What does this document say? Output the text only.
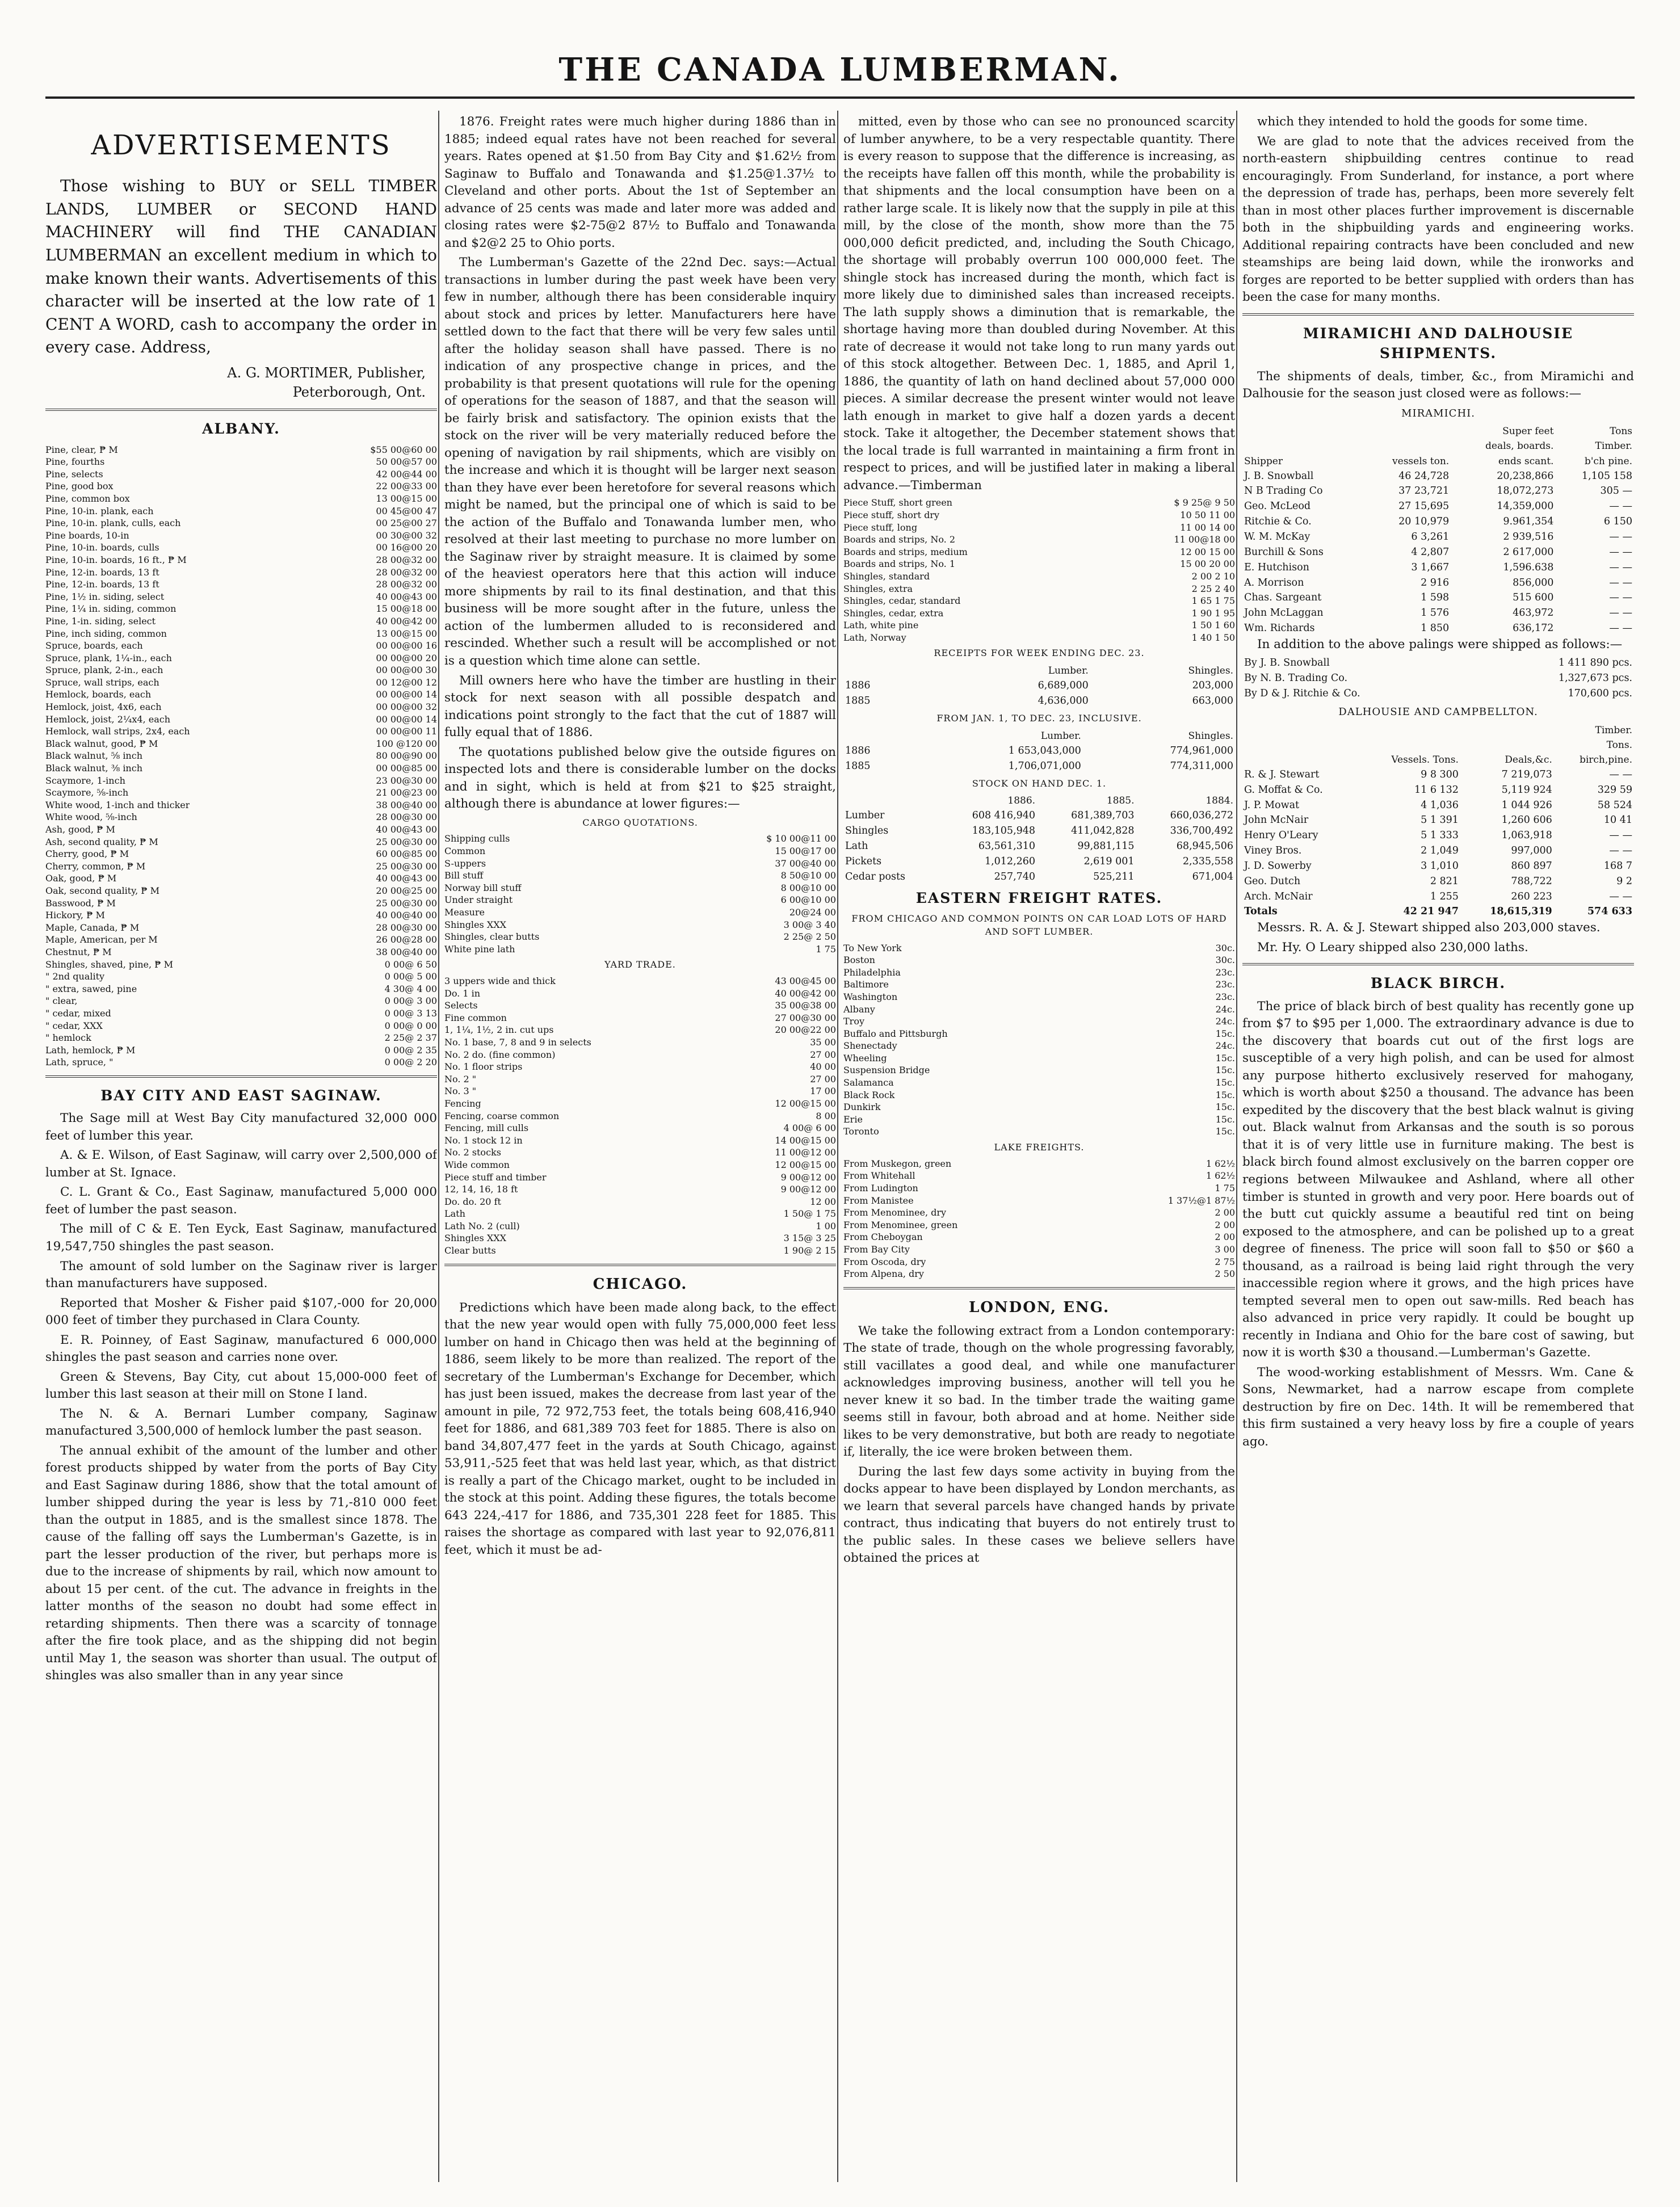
THE CANADA LUMBERMAN.
ADVERTISEMENTS

Those wishing to BUY or SELL TIMBER LANDS, LUMBER or SECOND HAND MACHINERY will find THE CANADIAN LUMBERMAN an excellent medium in which to make known their wants. Advertisements of this character will be inserted at the low rate of 1 CENT A WORD, cash to accompany the order in every case. Address,

A. G. MORTIMER, Publisher,
Peterborough, Ont.
ALBANY.
Pine, clear, ₱ M	$55 00@60 00
Pine, fourths	50 00@57 00
Pine, selects	42 00@44 00
Pine, good box	22 00@33 00
Pine, common box	13 00@15 00
Pine, 10-in. plank, each	00 45@00 47
Pine, 10-in. plank, culls, each	00 25@00 27
Pine boards, 10-in	00 30@00 32
Pine, 10-in. boards, culls	00 16@00 20
Pine, 10-in. boards, 16 ft., ₱ M	28 00@32 00
Pine, 12-in. boards, 13 ft	28 00@32 00
Pine, 12-in. boards, 13 ft	28 00@32 00
Pine, 1½ in. siding, select	40 00@43 00
Pine, 1¼ in. siding, common	15 00@18 00
Pine, 1-in. siding, select	40 00@42 00
Pine, inch siding, common	13 00@15 00
Spruce, boards, each	00 00@00 16
Spruce, plank, 1¼-in., each	00 00@00 20
Spruce, plank, 2-in., each	00 00@00 30
Spruce, wall strips, each	00 12@00 12
Hemlock, boards, each	00 00@00 14
Hemlock, joist, 4x6, each	00 00@00 32
Hemlock, joist, 2¼x4, each	00 00@00 14
Hemlock, wall strips, 2x4, each	00 00@00 11
Black walnut, good, ₱ M	100 @120 00
Black walnut, ⅝ inch	80 00@90 00
Black walnut, ⅜ inch	00 00@85 00
Scaymore, 1-inch	23 00@30 00
Scaymore, ⅝-inch	21 00@23 00
White wood, 1-inch and thicker	38 00@40 00
White wood, ⅝-inch	28 00@30 00
Ash, good, ₱ M	40 00@43 00
Ash, second quality, ₱ M	25 00@30 00
Cherry, good, ₱ M	60 00@85 00
Cherry, common, ₱ M	25 00@30 00
Oak, good, ₱ M	40 00@43 00
Oak, second quality, ₱ M	20 00@25 00
Basswood, ₱ M	25 00@30 00
Hickory, ₱ M	40 00@40 00
Maple, Canada, ₱ M	28 00@30 00
Maple, American, per M	26 00@28 00
Chestnut, ₱ M	38 00@40 00
Shingles, shaved, pine, ₱ M	0 00@ 6 50
" 2nd quality	0 00@ 5 00
" extra, sawed, pine	4 30@ 4 00
" clear,	0 00@ 3 00
" cedar, mixed	0 00@ 3 13
" cedar, XXX	0 00@ 0 00
" hemlock	2 25@ 2 37
Lath, hemlock, ₱ M	0 00@ 2 35
Lath, spruce, "	0 00@ 2 20
BAY CITY AND EAST SAGINAW.

The Sage mill at West Bay City manufactured 32,000 000 feet of lumber this year.

A. & E. Wilson, of East Saginaw, will carry over 2,500,000 of lumber at St. Ignace.

C. L. Grant & Co., East Saginaw, manufactured 5,000 000 feet of lumber the past season.

The mill of C & E. Ten Eyck, East Saginaw, manufactured 19,547,750 shingles the past season.

The amount of sold lumber on the Saginaw river is larger than manufacturers have supposed.

Reported that Mosher & Fisher paid $107,-000 for 20,000 000 feet of timber they purchased in Clara County.

E. R. Poinney, of East Saginaw, manufactured 6 000,000 shingles the past season and carries none over.

Green & Stevens, Bay City, cut about 15,000-000 feet of lumber this last season at their mill on Stone I land.

The N. & A. Bernari Lumber company, Saginaw manufactured 3,500,000 of hemlock lumber the past season.

The annual exhibit of the amount of the lumber and other forest products shipped by water from the ports of Bay City and East Saginaw during 1886, show that the total amount of lumber shipped during the year is less by 71,-810 000 feet than the output in 1885, and is the smallest since 1878. The cause of the falling off says the Lumberman's Gazette, is in part the lesser production of the river, but perhaps more is due to the increase of shipments by rail, which now amount to about 15 per cent. of the cut. The advance in freights in the latter months of the season no doubt had some effect in retarding shipments. Then there was a scarcity of tonnage after the fire took place, and as the shipping did not begin until May 1, the season was shorter than usual. The output of shingles was also smaller than in any year since

1876. Freight rates were much higher during 1886 than in 1885; indeed equal rates have not been reached for several years. Rates opened at $1.50 from Bay City and $1.62½ from Saginaw to Buffalo and Tonawanda and $1.25@1.37½ to Cleveland and other ports. About the 1st of September an advance of 25 cents was made and later more was added and closing rates were $2-75@2 87½ to Buffalo and Tonawanda and $2@2 25 to Ohio ports.

The Lumberman's Gazette of the 22nd Dec. says:—Actual transactions in lumber during the past week have been very few in number, although there has been considerable inquiry about stock and prices by letter. Manufacturers here have settled down to the fact that there will be very few sales until after the holiday season shall have passed. There is no indication of any prospective change in prices, and the probability is that present quotations will rule for the opening of operations for the season of 1887, and that the season will be fairly brisk and satisfactory. The opinion exists that the stock on the river will be very materially reduced before the opening of navigation by rail shipments, which are visibly on the increase and which it is thought will be larger next season than they have ever been heretofore for several reasons which might be named, but the principal one of which is said to be the action of the Buffalo and Tonawanda lumber men, who resolved at their last meeting to purchase no more lumber on the Saginaw river by straight measure. It is claimed by some of the heaviest operators here that this action will induce more shipments by rail to its final destination, and that this business will be more sought after in the future, unless the action of the lumbermen alluded to is reconsidered and rescinded. Whether such a result will be accomplished or not is a question which time alone can settle.

Mill owners here who have the timber are hustling in their stock for next season with all possible despatch and indications point strongly to the fact that the cut of 1887 will fully equal that of 1886.

The quotations published below give the outside figures on inspected lots and there is considerable lumber on the docks and in sight, which is held at from $21 to $25 straight, although there is abundance at lower figures:—

CARGO QUOTATIONS.
Shipping culls	$ 10 00@11 00
Common	15 00@17 00
S-uppers	37 00@40 00
Bill stuff	8 50@10 00
Norway bill stuff	8 00@10 00
Under straight	6 00@10 00
Measure	20@24 00
Shingles XXX	3 00@ 3 40
Shingles, clear butts	2 25@ 2 50
White pine lath	1 75
YARD TRADE.
3 uppers wide and thick	43 00@45 00
Do. 1 in	40 00@42 00
Selects	35 00@38 00
Fine common	27 00@30 00
1, 1¼, 1½, 2 in. cut ups	20 00@22 00
No. 1 base, 7, 8 and 9 in selects	35 00
No. 2 do. (fine common)	27 00
No. 1 floor strips	40 00
No. 2 "	27 00
No. 3 "	17 00
Fencing	12 00@15 00
Fencing, coarse common	8 00
Fencing, mill culls	4 00@ 6 00
No. 1 stock 12 in	14 00@15 00
No. 2 stocks	11 00@12 00
Wide common	12 00@15 00
Piece stuff and timber	9 00@12 00
12, 14, 16, 18 ft	9 00@12 00
Do. do. 20 ft	12 00
Lath	1 50@ 1 75
Lath No. 2 (cull)	1 00
Shingles XXX	3 15@ 3 25
Clear butts	1 90@ 2 15
CHICAGO.

Predictions which have been made along back, to the effect that the new year would open with fully 75,000,000 feet less lumber on hand in Chicago then was held at the beginning of 1886, seem likely to be more than realized. The report of the secretary of the Lumberman's Exchange for December, which has just been issued, makes the decrease from last year of the amount in pile, 72 972,753 feet, the totals being 608,416,940 feet for 1886, and 681,389 703 feet for 1885. There is also on band 34,807,477 feet in the yards at South Chicago, against 53,911,-525 feet that was held last year, which, as that district is really a part of the Chicago market, ought to be included in the stock at this point. Adding these figures, the totals become 643 224,-417 for 1886, and 735,301 228 feet for 1885. This raises the shortage as compared with last year to 92,076,811 feet, which it must be ad-

mitted, even by those who can see no pronounced scarcity of lumber anywhere, to be a very respectable quantity. There is every reason to suppose that the difference is increasing, as the receipts have fallen off this month, while the probability is that shipments and the local consumption have been on a rather large scale. It is likely now that the supply in pile at this mill, by the close of the month, show more than the 75 000,000 deficit predicted, and, including the South Chicago, the shortage will probably overrun 100 000,000 feet. The shingle stock has increased during the month, which fact is more likely due to diminished sales than increased receipts. The lath supply shows a diminution that is remarkable, the shortage having more than doubled during November. At this rate of decrease it would not take long to run many yards out of this stock altogether. Between Dec. 1, 1885, and April 1, 1886, the quantity of lath on hand declined about 57,000 000 pieces. A similar decrease the present winter would not leave lath enough in market to give half a dozen yards a decent stock. Take it altogether, the December statement shows that the local trade is full warranted in maintaining a firm front in respect to prices, and will be justified later in making a liberal advance.—Timberman

Piece Stuff, short green	$ 9 25@ 9 50
Piece stuff, short dry	10 50 11 00
Piece stuff, long	11 00 14 00
Boards and strips, No. 2	11 00@18 00
Boards and strips, medium	12 00 15 00
Boards and strips, No. 1	15 00 20 00
Shingles, standard	2 00 2 10
Shingles, extra	2 25 2 40
Shingles, cedar, standard	1 65 1 75
Shingles, cedar, extra	1 90 1 95
Lath, white pine	1 50 1 60
Lath, Norway	1 40 1 50
RECEIPTS FOR WEEK ENDING DEC. 23.
	Lumber.	Shingles.
1886	6,689,000	203,000
1885	4,636,000	663,000
FROM JAN. 1, TO DEC. 23, INCLUSIVE.
	Lumber.	Shingles.
1886	1 653,043,000	774,961,000
1885	1,706,071,000	774,311,000
STOCK ON HAND DEC. 1.
	1886.	1885.	1884.
Lumber	608 416,940	681,389,703	660,036,272
Shingles	183,105,948	411,042,828	336,700,492
Lath	63,561,310	99,881,115	68,945,506
Pickets	1,012,260	2,619 001	2,335,558
Cedar posts	257,740	525,211	671,004
EASTERN FREIGHT RATES.
FROM CHICAGO AND COMMON POINTS ON CAR LOAD LOTS OF HARD AND SOFT LUMBER.
To New York	30c.
Boston	30c.
Philadelphia	23c.
Baltimore	23c.
Washington	23c.
Albany	24c.
Troy	24c.
Buffalo and Pittsburgh	15c.
Shenectady	24c.
Wheeling	15c.
Suspension Bridge	15c.
Salamanca	15c.
Black Rock	15c.
Dunkirk	15c.
Erie	15c.
Toronto	15c.
LAKE FREIGHTS.
From Muskegon, green	1 62½
From Whitehall	1 62½
From Ludington	1 75
From Manistee	1 37½@1 87½
From Menominee, dry	2 00
From Menominee, green	2 00
From Cheboygan	2 00
From Bay City	3 00
From Oscoda, dry	2 75
From Alpena, dry	2 50
LONDON, ENG.

We take the following extract from a London contemporary: The state of trade, though on the whole progressing favorably, still vacillates a good deal, and while one manufacturer acknowledges improving business, another will tell you he never knew it so bad. In the timber trade the waiting game seems still in favour, both abroad and at home. Neither side likes to be very demonstrative, but both are ready to negotiate if, literally, the ice were broken between them.

During the last few days some activity in buying from the docks appear to have been displayed by London merchants, as we learn that several parcels have changed hands by private contract, thus indicating that buyers do not entirely trust to the public sales. In these cases we believe sellers have obtained the prices at

which they intended to hold the goods for some time.

We are glad to note that the advices received from the north-eastern shipbuilding centres continue to read encouragingly. From Sunderland, for instance, a port where the depression of trade has, perhaps, been more severely felt than in most other places further improvement is discernable both in the shipbuilding yards and engineering works. Additional repairing contracts have been concluded and new steamships are being laid down, while the ironworks and forges are reported to be better supplied with orders than has been the case for many months.

MIRAMICHI AND DALHOUSIE SHIPMENTS.

The shipments of deals, timber, &c., from Miramichi and Dalhousie for the season just closed were as follows:—

MIRAMICHI.
		Super feet	Tons
		deals, boards.	Timber.
Shipper	vessels ton.	ends scant.	b'ch pine.
J. B. Snowball	46 24,728	20,238,866	1,105 158
N B Trading Co	37 23,721	18,072,273	305 —
Geo. McLeod	27 15,695	14,359,000	— —
Ritchie & Co.	20 10,979	9.961,354	6 150
W. M. McKay	6 3,261	2 939,516	— —
Burchill & Sons	4 2,807	2 617,000	— —
E. Hutchison	3 1,667	1,596.638	— —
A. Morrison	2 916	856,000	— —
Chas. Sargeant	1 598	515 600	— —
John McLaggan	1 576	463,972	— —
Wm. Richards	1 850	636,172	— —

In addition to the above palings were shipped as follows:—

By J. B. Snowball	1 411 890 pcs.
By N. B. Trading Co.	1,327,673 pcs.
By D & J. Ritchie & Co.	170,600 pcs.
DALHOUSIE AND CAMPBELLTON.
			Timber.
			Tons.
	Vessels. Tons.	Deals,&c.	birch,pine.
R. & J. Stewart	9 8 300	7 219,073	— —
G. Moffat & Co.	11 6 132	5,119 924	329 59
J. P. Mowat	4 1,036	1 044 926	58 524
John McNair	5 1 391	1,260 606	10 41
Henry O'Leary	5 1 333	1,063,918	— —
Viney Bros.	2 1,049	997,000	— —
J. D. Sowerby	3 1,010	860 897	168 7
Geo. Dutch	2 821	788,722	9 2
Arch. McNair	1 255	260 223	— —
Totals	42 21 947	18,615,319	574 633

Messrs. R. A. & J. Stewart shipped also 203,000 staves.

Mr. Hy. O Leary shipped also 230,000 laths.

BLACK BIRCH.

The price of black birch of best quality has recently gone up from $7 to $95 per 1,000. The extraordinary advance is due to the discovery that boards cut out of the first logs are susceptible of a very high polish, and can be used for almost any purpose hitherto exclusively reserved for mahogany, which is worth about $250 a thousand. The advance has been expedited by the discovery that the best black walnut is giving out. Black walnut from Arkansas and the south is so porous that it is of very little use in furniture making. The best is black birch found almost exclusively on the barren copper ore regions between Milwaukee and Ashland, where all other timber is stunted in growth and very poor. Here boards out of the butt cut quickly assume a beautiful red tint on being exposed to the atmosphere, and can be polished up to a great degree of fineness. The price will soon fall to $50 or $60 a thousand, as a railroad is being laid right through the very inaccessible region where it grows, and the high prices have tempted several men to open out saw-mills. Red beach has also advanced in price very rapidly. It could be bought up recently in Indiana and Ohio for the bare cost of sawing, but now it is worth $30 a thousand.—Lumberman's Gazette.

The wood-working establishment of Messrs. Wm. Cane & Sons, Newmarket, had a narrow escape from complete destruction by fire on Dec. 14th. It will be remembered that this firm sustained a very heavy loss by fire a couple of years ago.
